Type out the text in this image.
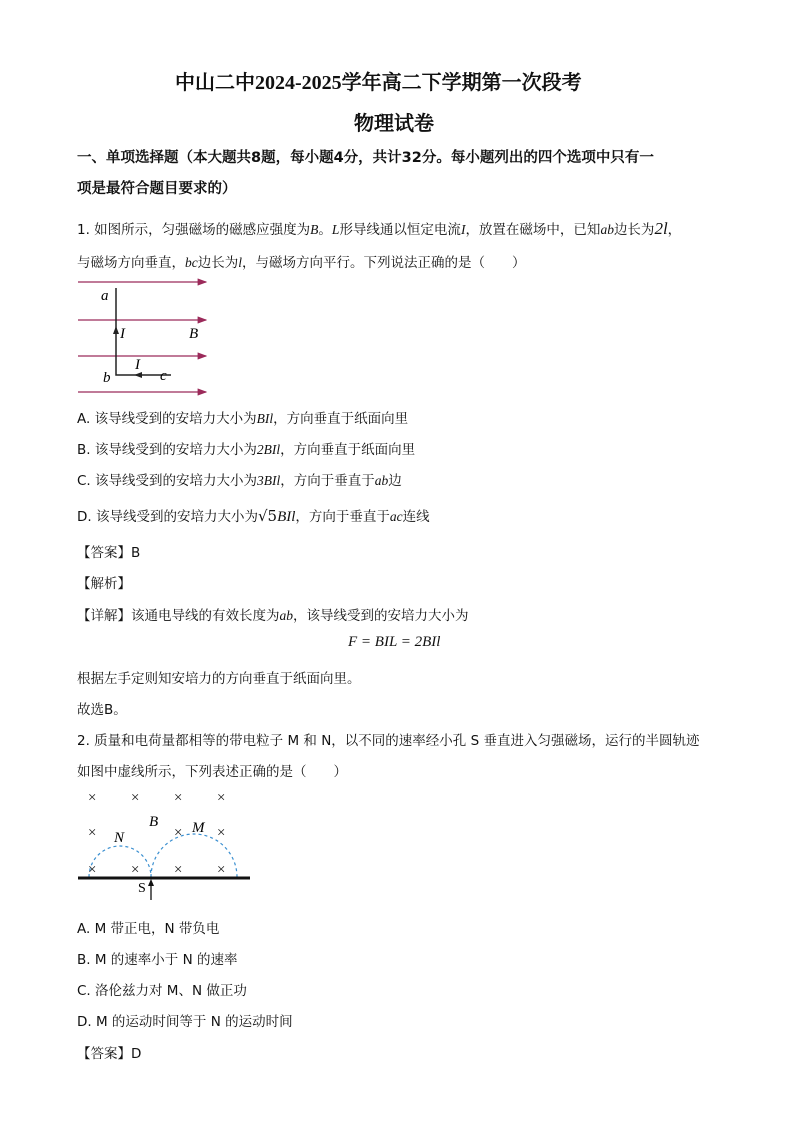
中山二中2024-2025学年高二下学期第一次段考
物理试卷
一、单项选择题（本大题共8题，每小题4分，共计32分。每小题列出的四个选项中只有一
项是最符合题目要求的）
1. 如图所示，匀强磁场的磁感应强度为B。L形导线通以恒定电流I，放置在磁场中，已知ab边长为2l，
与磁场方向垂直，bc边长为l，与磁场方向平行。下列说法正确的是（　　）
a
I	B
I
b	c
A. 该导线受到的安培力大小为BIl，方向垂直于纸面向里
B. 该导线受到的安培力大小为2BIl，方向垂直于纸面向里
C. 该导线受到的安培力大小为3BIl，方向于垂直于ab边
D. 该导线受到的安培力大小为√5BIl，方向于垂直于ac连线
【答案】B
【解析】
【详解】该通电导线的有效长度为ab，该导线受到的安培力大小为
F = BIL = 2BIl
根据左手定则知安培力的方向垂直于纸面向里。
故选B。
2. 质量和电荷量都相等的带电粒子 M 和 N，以不同的速率经小孔 S 垂直进入匀强磁场，运行的半圆轨迹
如图中虚线所示，下列表述正确的是（　　）
× × × ×
×	× ×
× × × ×
N
B M
S
A. M 带正电，N 带负电
B. M 的速率小于 N 的速率
C. 洛伦兹力对 M、N 做正功
D. M 的运动时间等于 N 的运动时间
【答案】D
